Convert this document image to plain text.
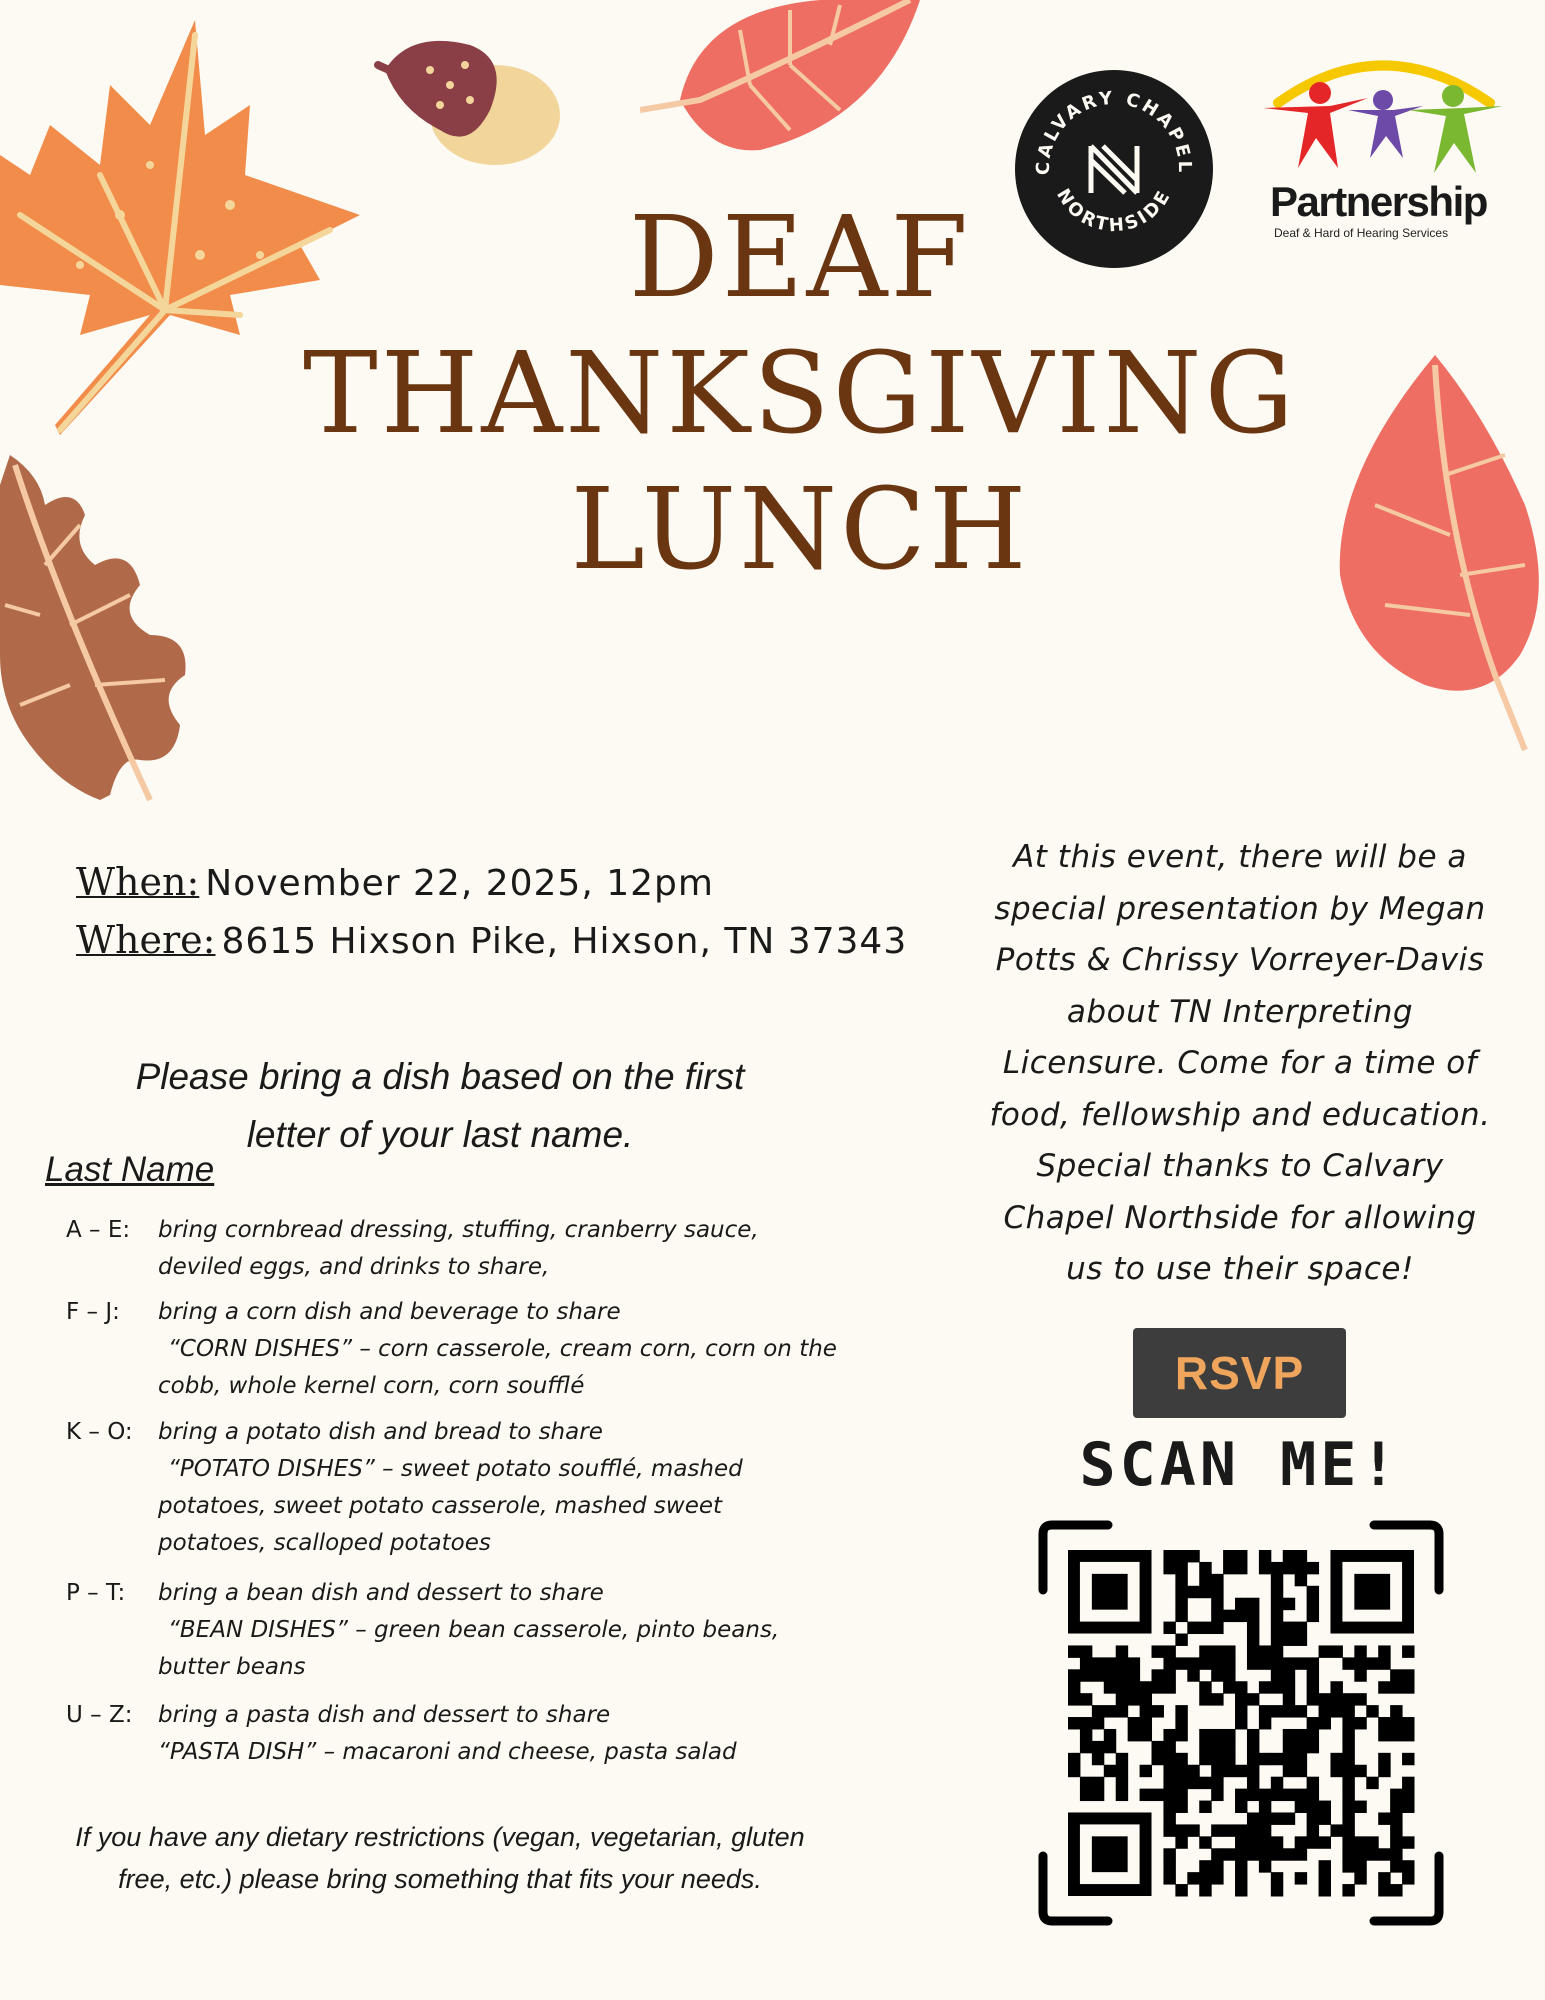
CALVARY CHAPEL
NORTHSIDE Partnership
Deaf & Hard of Hearing Services
DEAF
THANKSGIVING
LUNCH
When: November 22, 2025, 12pm
Where: 8615 Hixson Pike, Hixson, TN 37343
Please bring a dish based on the first
letter of your last name.
Last Name
A – E:	bring cornbread dressing, stuffing, cranberry sauce,
deviled eggs, and drinks to share,
F – J:	bring a corn dish and beverage to share
“CORN DISHES” – corn casserole, cream corn, corn on the
cobb, whole kernel corn, corn soufflé
K – O:	bring a potato dish and bread to share
“POTATO DISHES” – sweet potato soufflé, mashed
potatoes, sweet potato casserole, mashed sweet
potatoes, scalloped potatoes
P – T:	bring a bean dish and dessert to share
“BEAN DISHES” – green bean casserole, pinto beans,
butter beans
U – Z:	bring a pasta dish and dessert to share
“PASTA DISH” – macaroni and cheese, pasta salad
If you have any dietary restrictions (vegan, vegetarian, gluten
free, etc.) please bring something that fits your needs.
At this event, there will be a
special presentation by Megan
Potts & Chrissy Vorreyer-Davis
about TN Interpreting
Licensure. Come for a time of
food, fellowship and education.
Special thanks to Calvary
Chapel Northside for allowing
us to use their space!
RSVP
SCAN ME!
